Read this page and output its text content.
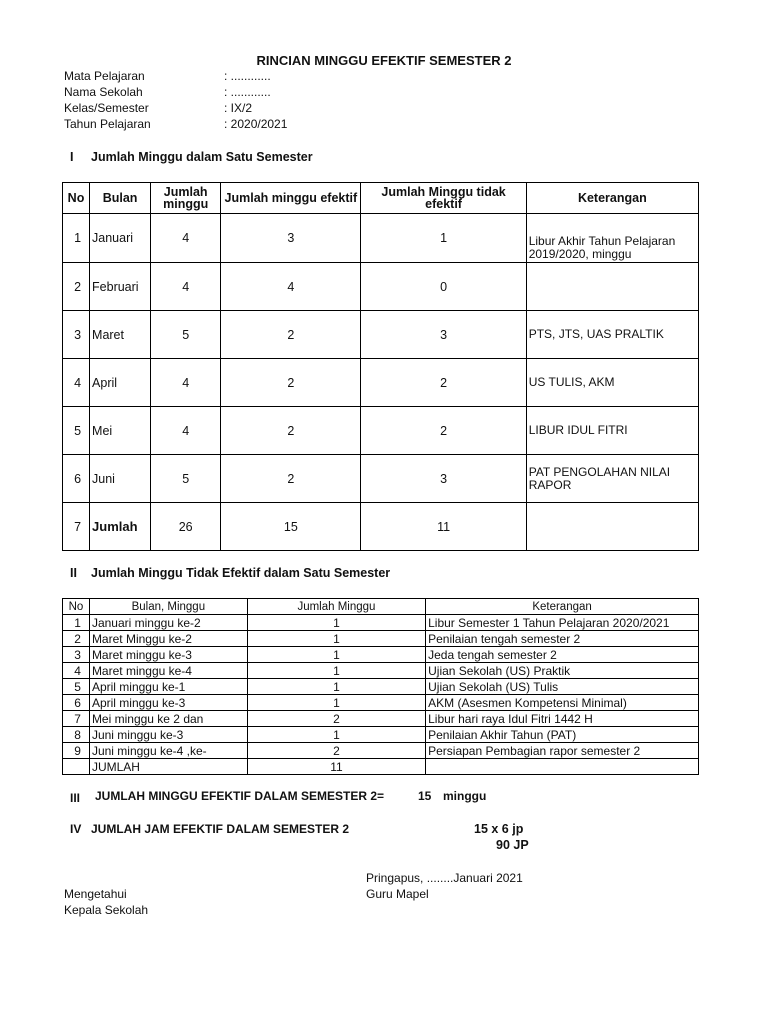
RINCIAN MINGGU EFEKTIF SEMESTER 2
Mata Pelajaran	: ............
Nama Sekolah	: ............
Kelas/Semester	: IX/2
Tahun Pelajaran	: 2020/2021
I Jumlah Minggu dalam Satu Semester
No	Bulan	Jumlah minggu	Jumlah minggu efektif	Jumlah Minggu tidak efektif	Keterangan
1	Januari	4	3	1	Libur Akhir Tahun Pelajaran 2019/2020, minggu
2	Februari	4	4	0	
3	Maret	5	2	3	PTS, JTS, UAS PRALTIK
4	April	4	2	2	US TULIS, AKM
5	Mei	4	2	2	LIBUR IDUL FITRI
6	Juni	5	2	3	PAT PENGOLAHAN NILAI RAPOR
7	Jumlah	26	15	11	
II Jumlah Minggu Tidak Efektif dalam Satu Semester
No	Bulan, Minggu	Jumlah Minggu	Keterangan
1	Januari minggu ke-2	1	Libur Semester 1 Tahun Pelajaran 2020/2021
2	Maret Minggu ke-2	1	Penilaian tengah semester 2
3	Maret minggu ke-3	1	Jeda tengah semester 2
4	Maret minggu ke-4	1	Ujian Sekolah (US) Praktik
5	April minggu ke-1	1	Ujian Sekolah (US) Tulis
6	April minggu ke-3	1	AKM (Asesmen Kompetensi Minimal)
7	Mei minggu ke 2 dan	2	Libur hari raya Idul Fitri 1442 H
8	Juni minggu ke-3	1	Penilaian Akhir Tahun (PAT)
9	Juni minggu ke-4 ,ke-	2	Persiapan Pembagian rapor semester 2
	JUMLAH	11	
III JUMLAH MINGGU EFEKTIF DALAM SEMESTER 2=	15 minggu
IV JUMLAH JAM EFEKTIF DALAM SEMESTER 2	15 x 6 jp
90 JP
Pringapus, ........Januari 2021
Guru Mapel
Mengetahui
Kepala Sekolah
